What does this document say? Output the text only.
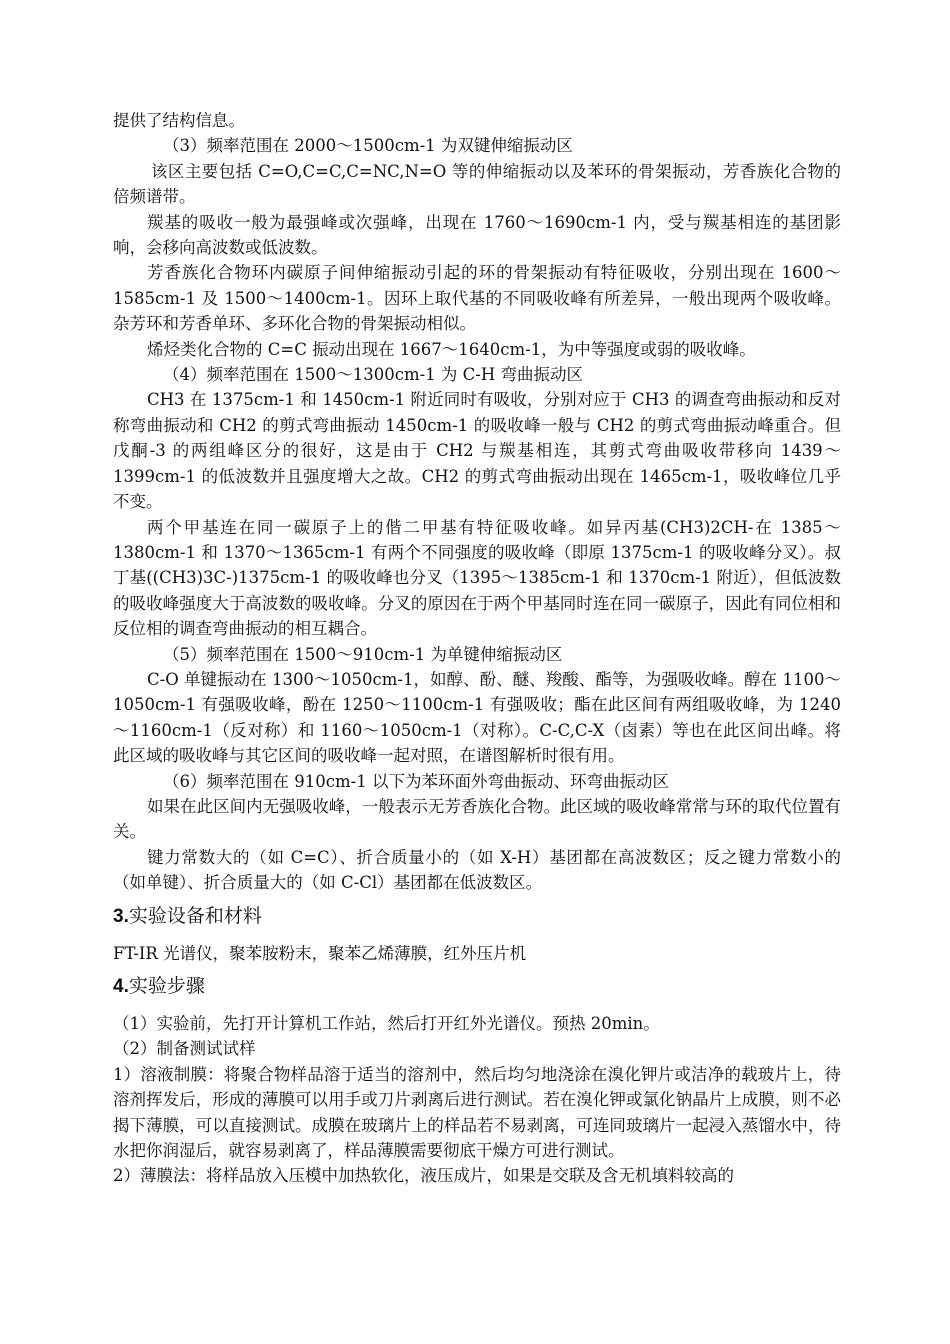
提供了结构信息。

（3）频率范围在 2000～1500cm-1 为双键伸缩振动区

该区主要包括 C=O,C=C,C=NC,N=O 等的伸缩振动以及苯环的骨架振动，芳香族化合物的倍频谱带。

羰基的吸收一般为最强峰或次强峰，出现在 1760～1690cm-1 内，受与羰基相连的基团影响，会移向高波数或低波数。

芳香族化合物环内碳原子间伸缩振动引起的环的骨架振动有特征吸收，分别出现在 1600～1585cm-1 及 1500～1400cm-1。因环上取代基的不同吸收峰有所差异，一般出现两个吸收峰。杂芳环和芳香单环、多环化合物的骨架振动相似。

烯烃类化合物的 C=C 振动出现在 1667～1640cm-1，为中等强度或弱的吸收峰。

（4）频率范围在 1500～1300cm-1 为 C-H 弯曲振动区

CH3 在 1375cm-1 和 1450cm-1 附近同时有吸收，分别对应于 CH3 的调查弯曲振动和反对称弯曲振动和 CH2 的剪式弯曲振动 1450cm-1 的吸收峰一般与 CH2 的剪式弯曲振动峰重合。但戊酮-3 的两组峰区分的很好，这是由于 CH2 与羰基相连，其剪式弯曲吸收带移向 1439～1399cm-1 的低波数并且强度增大之故。CH2 的剪式弯曲振动出现在 1465cm-1，吸收峰位几乎不变。

两个甲基连在同一碳原子上的偕二甲基有特征吸收峰。如异丙基(CH3)2CH-在 1385～1380cm-1 和 1370～1365cm-1 有两个不同强度的吸收峰（即原 1375cm-1 的吸收峰分叉）。叔丁基((CH3)3C-)1375cm-1 的吸收峰也分叉（1395～1385cm-1 和 1370cm-1 附近），但低波数的吸收峰强度大于高波数的吸收峰。分叉的原因在于两个甲基同时连在同一碳原子，因此有同位相和反位相的调查弯曲振动的相互耦合。

（5）频率范围在 1500～910cm-1 为单键伸缩振动区

C-O 单键振动在 1300～1050cm-1，如醇、酚、醚、羧酸、酯等，为强吸收峰。醇在 1100～1050cm-1 有强吸收峰，酚在 1250～1100cm-1 有强吸收；酯在此区间有两组吸收峰，为 1240～1160cm-1（反对称）和 1160～1050cm-1（对称）。C-C,C-X（卤素）等也在此区间出峰。将此区域的吸收峰与其它区间的吸收峰一起对照，在谱图解析时很有用。

（6）频率范围在 910cm-1 以下为苯环面外弯曲振动、环弯曲振动区

如果在此区间内无强吸收峰，一般表示无芳香族化合物。此区域的吸收峰常常与环的取代位置有关。

键力常数大的（如 C=C）、折合质量小的（如 X-H）基团都在高波数区；反之键力常数小的（如单键）、折合质量大的（如 C-Cl）基团都在低波数区。

3.实验设备和材料

FT-IR 光谱仪，聚苯胺粉末，聚苯乙烯薄膜，红外压片机

4.实验步骤

（1）实验前，先打开计算机工作站，然后打开红外光谱仪。预热 20min。

（2）制备测试试样

1）溶液制膜：将聚合物样品溶于适当的溶剂中，然后均匀地浇涂在溴化钾片或洁净的载玻片上，待溶剂挥发后，形成的薄膜可以用手或刀片剥离后进行测试。若在溴化钾或氯化钠晶片上成膜，则不必揭下薄膜，可以直接测试。成膜在玻璃片上的样品若不易剥离，可连同玻璃片一起浸入蒸馏水中，待水把你润湿后，就容易剥离了，样品薄膜需要彻底干燥方可进行测试。

2）薄膜法：将样品放入压模中加热软化，液压成片，如果是交联及含无机填料较高的
